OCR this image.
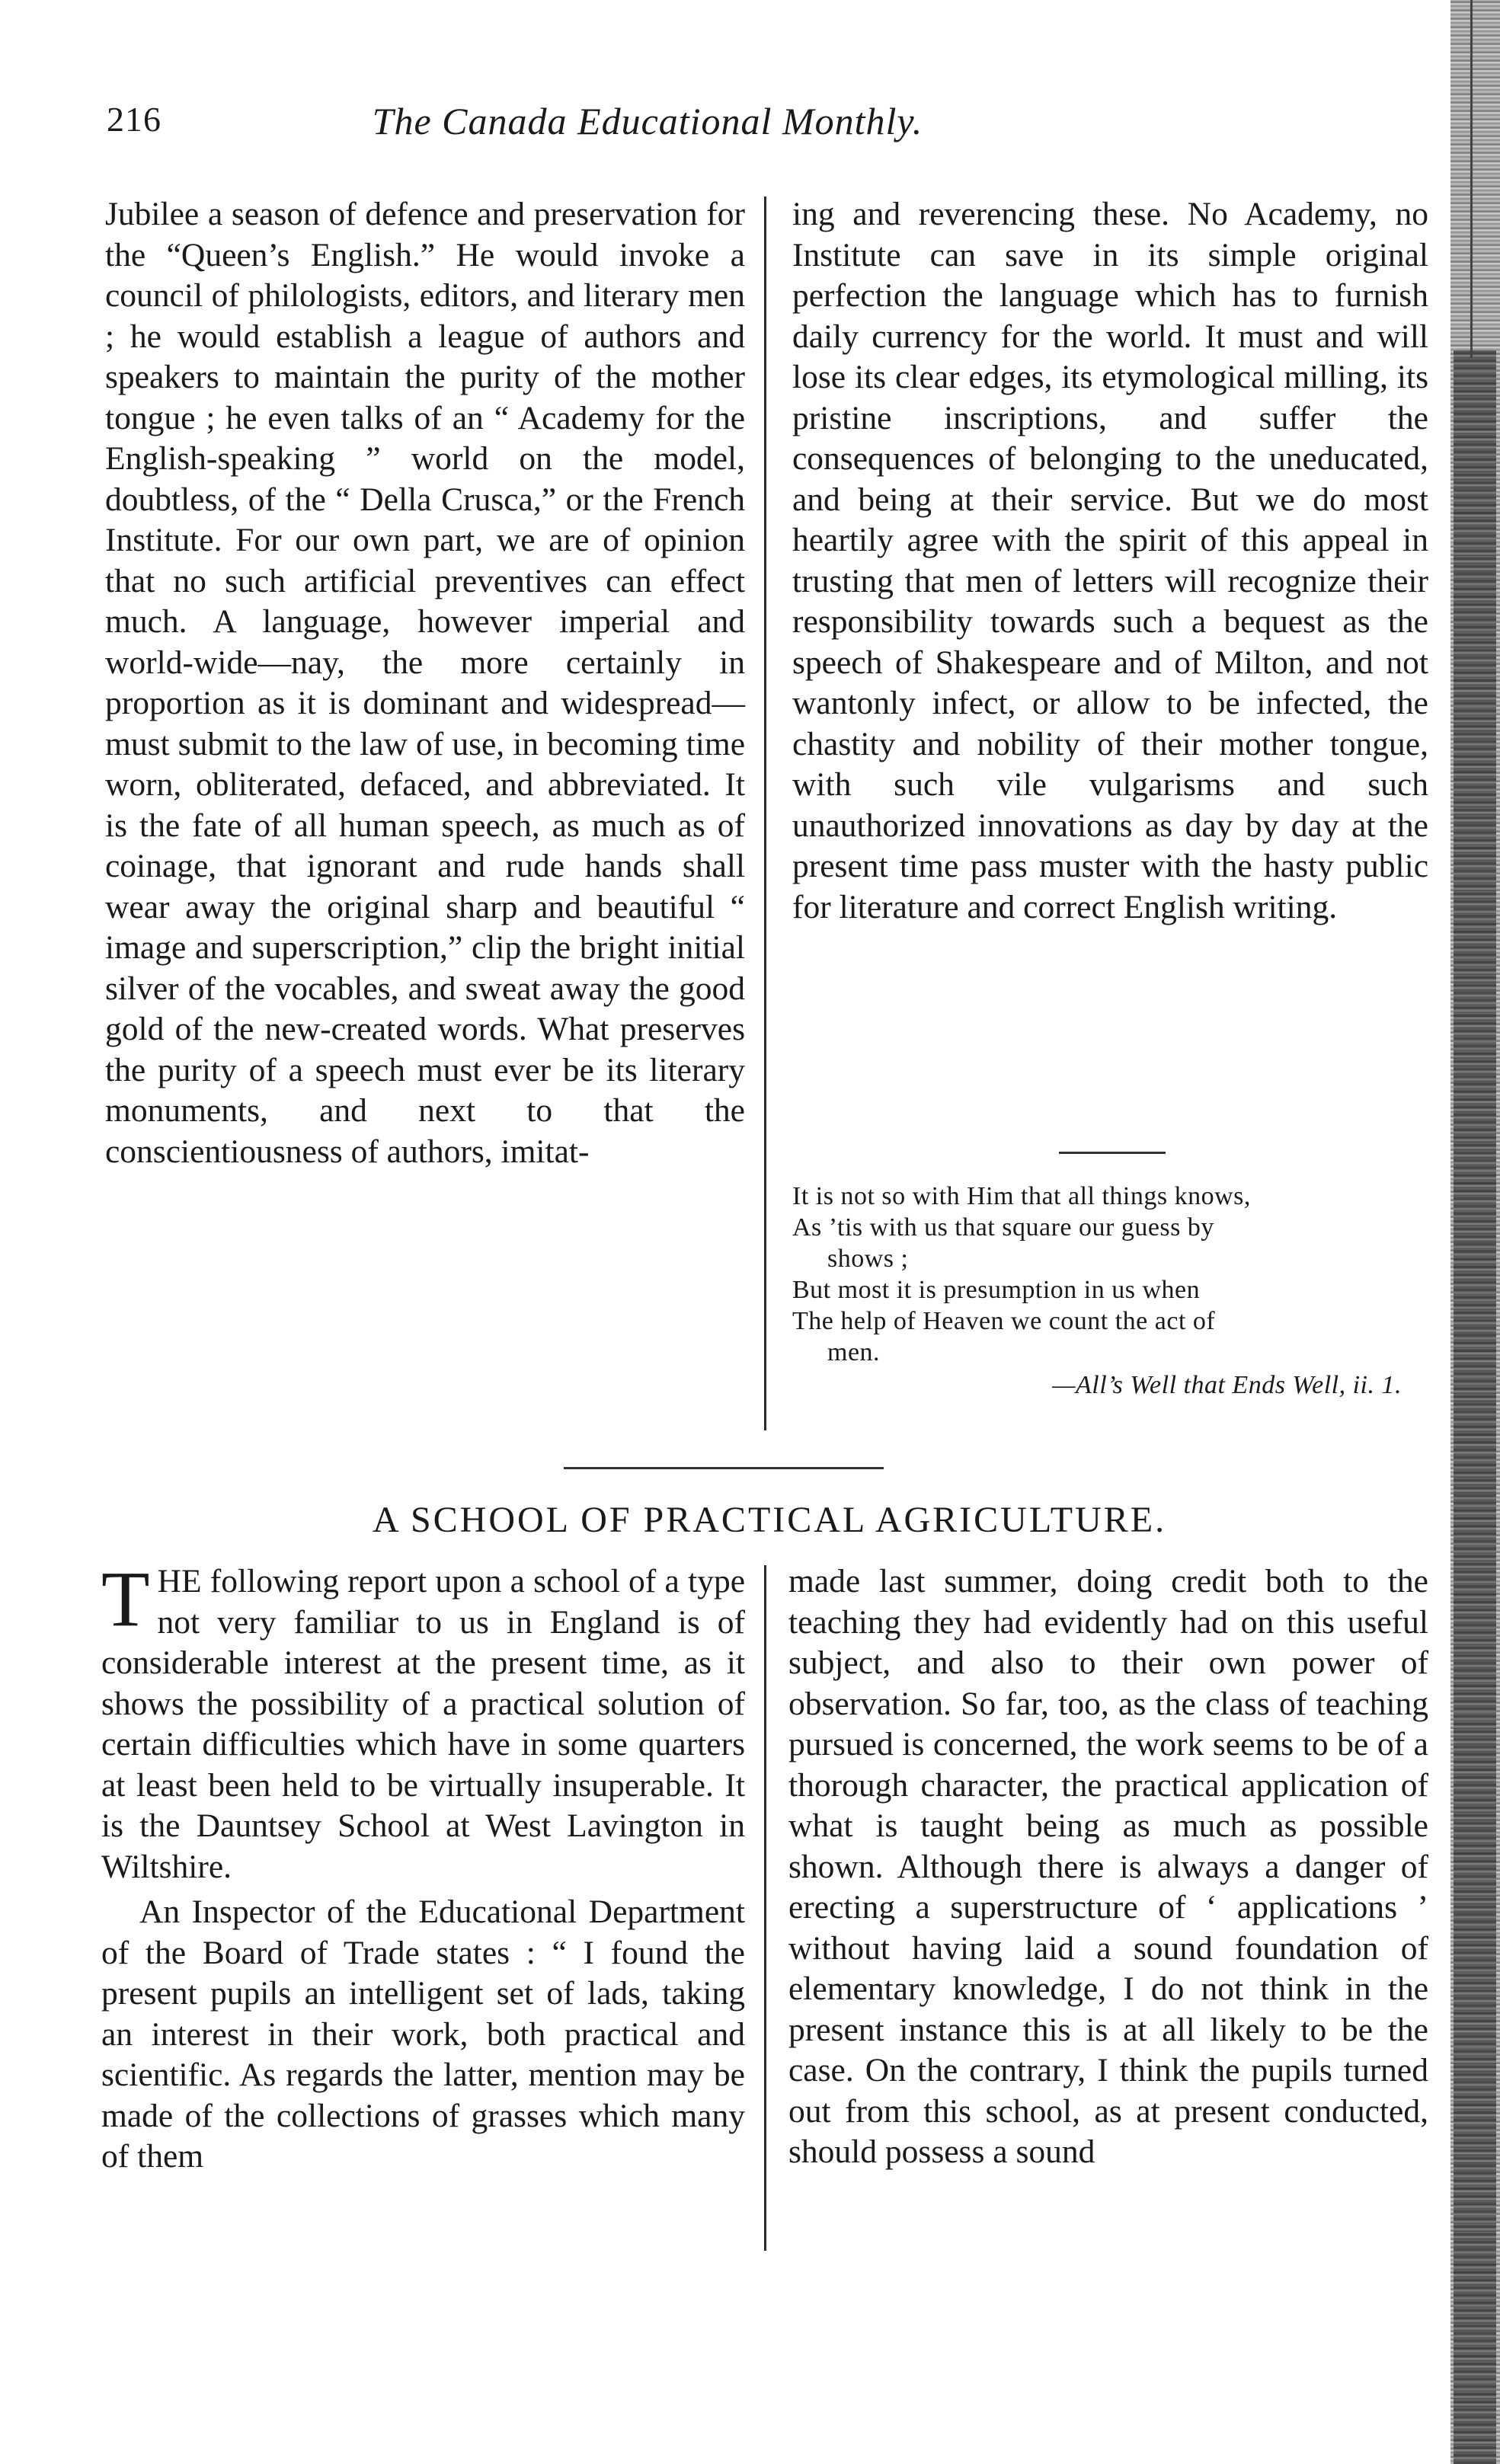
216	The Canada Educational Monthly.

Jubilee a season of defence and preservation for the “Queen’s English.” He would invoke a council of philologists, editors, and literary men ; he would establish a league of authors and speakers to maintain the purity of the mother tongue ; he even talks of an “ Academy for the English-speaking ” world on the model, doubtless, of the “ Della Crusca,” or the French Institute. For our own part, we are of opinion that no such artificial preventives can effect much. A language, however imperial and world-wide—nay, the more certainly in proportion as it is dominant and widespread—must submit to the law of use, in becoming time worn, obliterated, defaced, and abbreviated. It is the fate of all human speech, as much as of coinage, that ignorant and rude hands shall wear away the original sharp and beautiful “ image and superscription,” clip the bright initial silver of the vocables, and sweat away the good gold of the new-created words. What preserves the purity of a speech must ever be its literary monuments, and next to that the conscientiousness of authors, imitat-

ing and reverencing these. No Academy, no Institute can save in its simple original perfection the language which has to furnish daily currency for the world. It must and will lose its clear edges, its etymological milling, its pristine inscriptions, and suffer the consequences of belonging to the uneducated, and being at their service. But we do most heartily agree with the spirit of this appeal in trusting that men of letters will recognize their responsibility towards such a bequest as the speech of Shakespeare and of Milton, and not wantonly infect, or allow to be infected, the chastity and nobility of their mother tongue, with such vile vulgarisms and such unauthorized innovations as day by day at the present time pass muster with the hasty public for literature and correct English writing.

It is not so with Him that all things knows,
As ’tis with us that square our guess by
shows ;
But most it is presumption in us when
The help of Heaven we count the act of
men.
—All’s Well that Ends Well, ii. 1.
A SCHOOL OF PRACTICAL AGRICULTURE.

THE following report upon a school of a type not very familiar to us in England is of considerable interest at the present time, as it shows the possibility of a practical solution of certain difficulties which have in some quarters at least been held to be virtually insuperable. It is the Dauntsey School at West Lavington in Wiltshire.

An Inspector of the Educational Department of the Board of Trade states : “ I found the present pupils an intelligent set of lads, taking an interest in their work, both practical and scientific. As regards the latter, mention may be made of the collections of grasses which many of them

made last summer, doing credit both to the teaching they had evidently had on this useful subject, and also to their own power of observation. So far, too, as the class of teaching pursued is concerned, the work seems to be of a thorough character, the practical application of what is taught being as much as possible shown. Although there is always a danger of erecting a superstructure of ‘ applications ’ without having laid a sound foundation of elementary knowledge, I do not think in the present instance this is at all likely to be the case. On the contrary, I think the pupils turned out from this school, as at present conducted, should possess a sound
